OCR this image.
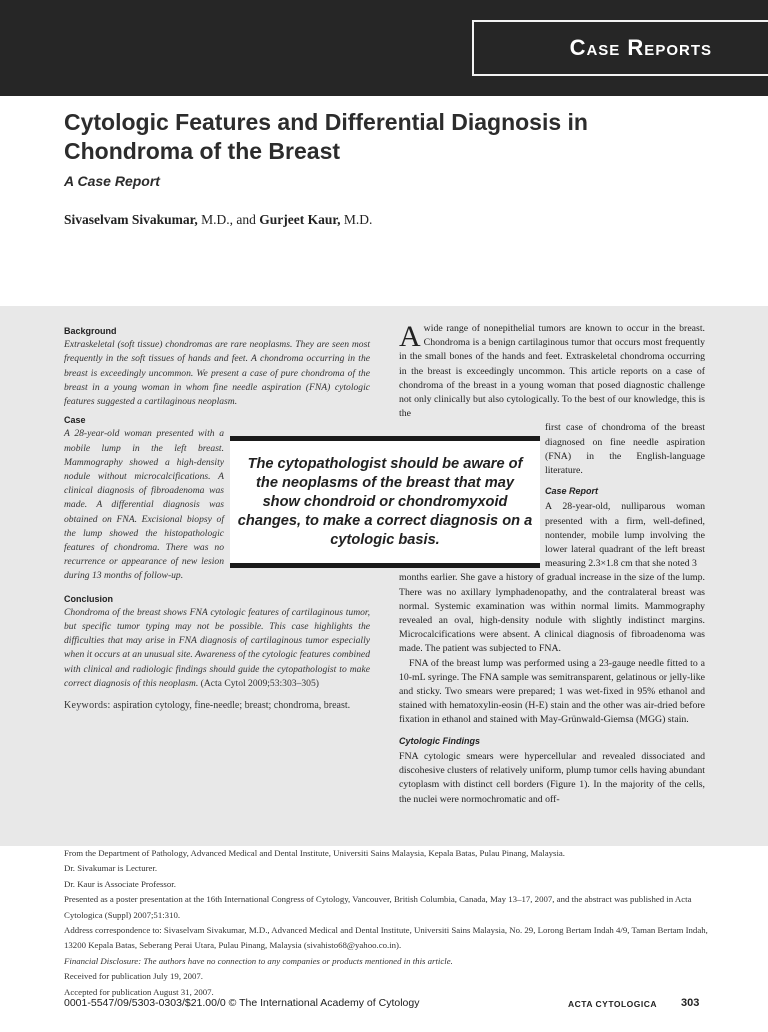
Case Reports
Cytologic Features and Differential Diagnosis in Chondroma of the Breast
A Case Report
Sivaselvam Sivakumar, M.D., and Gurjeet Kaur, M.D.
Background

Extraskeletal (soft tissue) chondromas are rare neoplasms. They are seen most frequently in the soft tissues of hands and feet. A chondroma occurring in the breast is exceedingly uncommon. We present a case of pure chondroma of the breast in a young woman in whom fine needle aspiration (FNA) cytologic features suggested a cartilaginous neoplasm.

Case

A 28-year-old woman presented with a mobile lump in the left breast. Mammography showed a high-density nodule without microcalcifications. A clinical diagnosis of fibroadenoma was made. A differential diagnosis was obtained on FNA. Excisional biopsy of the lump showed the histopathologic features of chondroma. There was no recurrence or appearance of new lesion during 13 months of follow-up.

Conclusion

Chondroma of the breast shows FNA cytologic features of cartilaginous tumor, but specific tumor typing may not be possible. This case highlights the difficulties that may arise in FNA diagnosis of cartilaginous tumor especially when it occurs at an unusual site. Awareness of the cytologic features combined with clinical and radiologic findings should guide the cytopathologist to make correct diagnosis of this neoplasm. (Acta Cytol 2009;53:303–305)

Keywords: aspiration cytology, fine-needle; breast; chondroma, breast.

Awide range of nonepithelial tumors are known to occur in the breast. Chondroma is a benign cartilaginous tumor that occurs most frequently in the small bones of the hands and feet. Extraskeletal chondroma occurring in the breast is exceedingly uncommon. This article reports on a case of chondroma of the breast in a young woman that posed diagnostic challenge not only clinically but also cytologically. To the best of our knowledge, this is the

first case of chondroma of the breast diagnosed on fine needle aspiration (FNA) in the English-language literature.

Case Report

A 28-year-old, nulliparous woman presented with a firm, well-defined, nontender, mobile lump involving the lower lateral quadrant of the left breast measuring 2.3×1.8 cm that she noted 3

months earlier. She gave a history of gradual increase in the size of the lump. There was no axillary lymphadenopathy, and the contralateral breast was normal. Systemic examination was within normal limits. Mammography revealed an oval, high-density nodule with slightly indistinct margins. Microcalcifications were absent. A clinical diagnosis of fibroadenoma was made. The patient was subjected to FNA.

FNA of the breast lump was performed using a 23-gauge needle fitted to a 10-mL syringe. The FNA sample was semitransparent, gelatinous or jelly-like and sticky. Two smears were prepared; 1 was wet-fixed in 95% ethanol and stained with hematoxylin-eosin (H-E) stain and the other was air-dried before fixation in ethanol and stained with May-Grünwald-Giemsa (MGG) stain.

Cytologic Findings

FNA cytologic smears were hypercellular and revealed dissociated and discohesive clusters of relatively uniform, plump tumor cells having abundant cytoplasm with distinct cell borders (Figure 1). In the majority of the cells, the nuclei were normochromatic and off-

The cytopathologist should be aware of the neoplasms of the breast that may show chondroid or chondromyxoid changes, to make a correct diagnosis on a cytologic basis.
From the Department of Pathology, Advanced Medical and Dental Institute, Universiti Sains Malaysia, Kepala Batas, Pulau Pinang, Malaysia.
Dr. Sivakumar is Lecturer.
Dr. Kaur is Associate Professor.
Presented as a poster presentation at the 16th International Congress of Cytology, Vancouver, British Columbia, Canada, May 13–17, 2007, and the abstract was published in Acta Cytologica (Suppl) 2007;51:310.
Address correspondence to: Sivaselvam Sivakumar, M.D., Advanced Medical and Dental Institute, Universiti Sains Malaysia, No. 29, Lorong Bertam Indah 4/9, Taman Bertam Indah, 13200 Kepala Batas, Seberang Perai Utara, Pulau Pinang, Malaysia (sivahisto68@yahoo.co.in).
Financial Disclosure: The authors have no connection to any companies or products mentioned in this article.
Received for publication July 19, 2007.
Accepted for publication August 31, 2007.
0001-5547/09/5303-0303/$21.00/0 © The International Academy of Cytology	ACTA CYTOLOGICA 303
